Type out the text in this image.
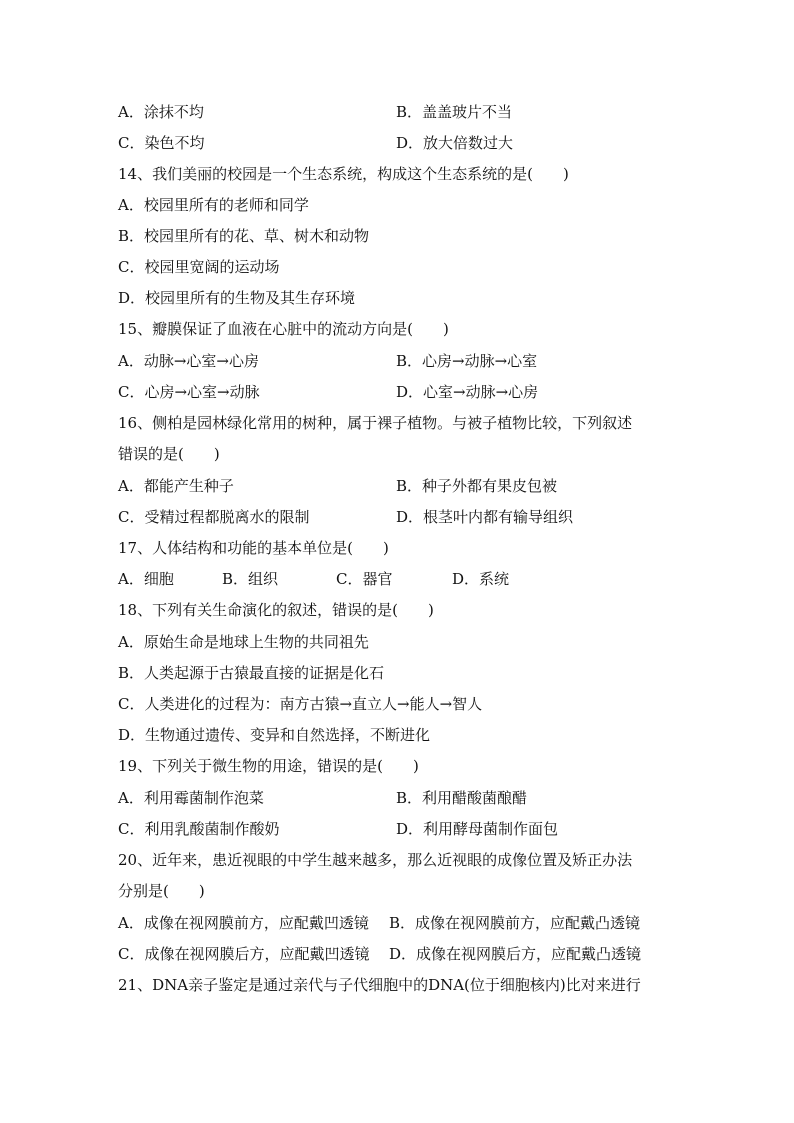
A．涂抹不均	B．盖盖玻片不当
C．染色不均	D．放大倍数过大
14、我们美丽的校园是一个生态系统，构成这个生态系统的是(　　)
A．校园里所有的老师和同学
B．校园里所有的花、草、树木和动物
C．校园里宽阔的运动场
D．校园里所有的生物及其生存环境
15、瓣膜保证了血液在心脏中的流动方向是(　　)
A．动脉→心室→心房	B．心房→动脉→心室
C．心房→心室→动脉	D．心室→动脉→心房
16、侧柏是园林绿化常用的树种，属于裸子植物。与被子植物比较，下列叙述
错误的是(　　)
A．都能产生种子	B．种子外都有果皮包被
C．受精过程都脱离水的限制	D．根茎叶内都有输导组织
17、人体结构和功能的基本单位是(　　)
A．细胞	B．组织	C．器官	D．系统
18、下列有关生命演化的叙述，错误的是(　　)
A．原始生命是地球上生物的共同祖先
B．人类起源于古猿最直接的证据是化石
C．人类进化的过程为：南方古猿→直立人→能人→智人
D．生物通过遗传、变异和自然选择，不断进化
19、下列关于微生物的用途，错误的是(　　)
A．利用霉菌制作泡菜	B．利用醋酸菌酿醋
C．利用乳酸菌制作酸奶	D．利用酵母菌制作面包
20、近年来，患近视眼的中学生越来越多，那么近视眼的成像位置及矫正办法
分别是(　　)
A．成像在视网膜前方，应配戴凹透镜 B．成像在视网膜前方，应配戴凸透镜
C．成像在视网膜后方，应配戴凹透镜 D．成像在视网膜后方，应配戴凸透镜
21、DNA亲子鉴定是通过亲代与子代细胞中的DNA(位于细胞核内)比对来进行
